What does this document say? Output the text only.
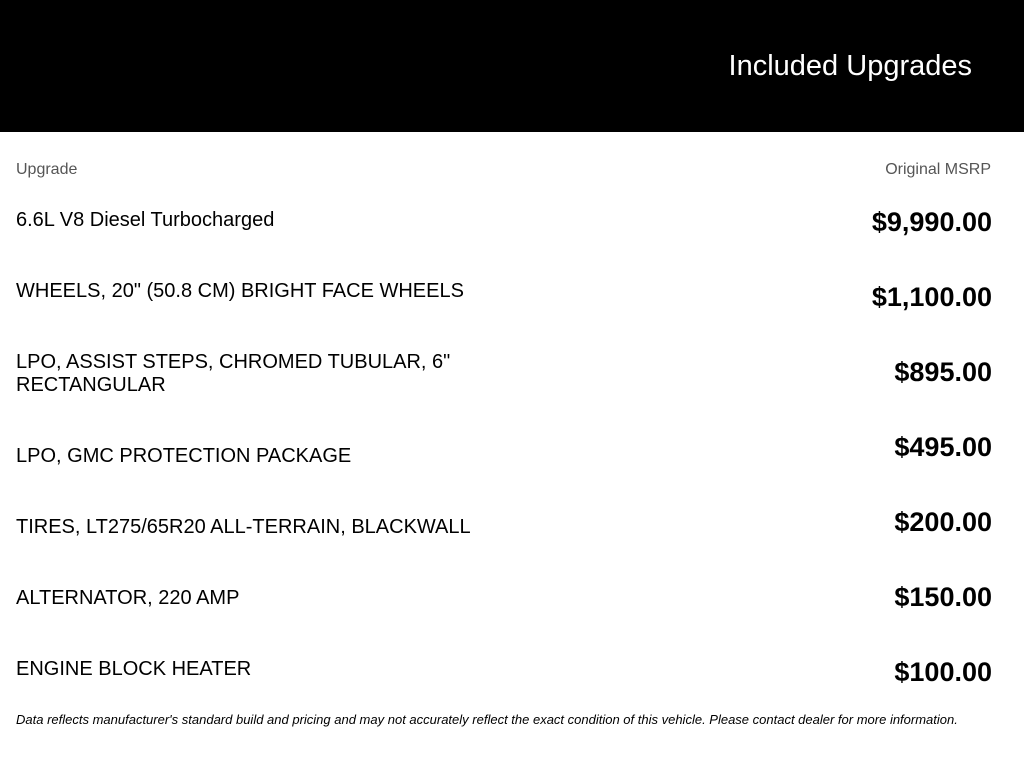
Included Upgrades
Upgrade	Original MSRP
6.6L V8 Diesel Turbocharged	$9,990.00
WHEELS, 20" (50.8 CM) BRIGHT FACE WHEELS	$1,100.00
LPO, ASSIST STEPS, CHROMED TUBULAR, 6" RECTANGULAR	$895.00
LPO, GMC PROTECTION PACKAGE	$495.00
TIRES, LT275/65R20 ALL-TERRAIN, BLACKWALL	$200.00
ALTERNATOR, 220 AMP	$150.00
ENGINE BLOCK HEATER	$100.00
Data reflects manufacturer's standard build and pricing and may not accurately reflect the exact condition of this vehicle. Please contact dealer for more information.
